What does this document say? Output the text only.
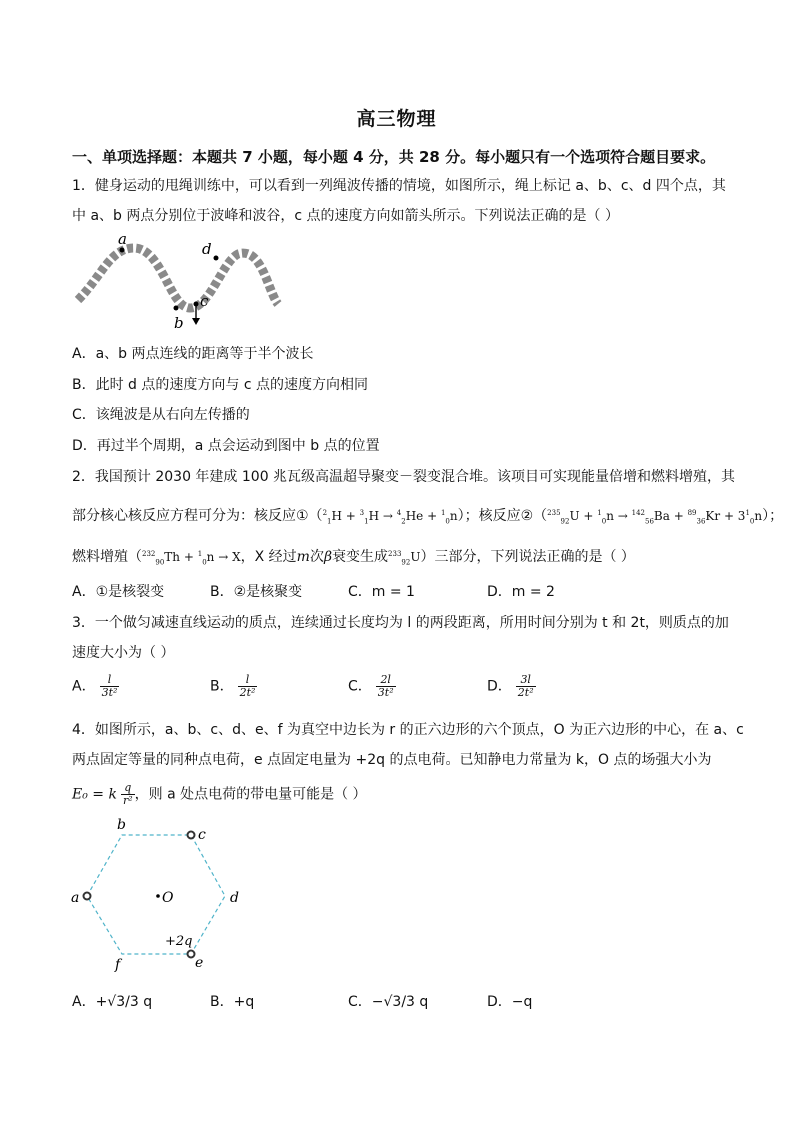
高三物理
一、单项选择题：本题共 7 小题，每小题 4 分，共 28 分。每小题只有一个选项符合题目要求。
1．健身运动的甩绳训练中，可以看到一列绳波传播的情境，如图所示，绳上标记 a、b、c、d 四个点，其
中 a、b 两点分别位于波峰和波谷，c 点的速度方向如箭头所示。下列说法正确的是（ ）
a
b
c
d
A．a、b 两点连线的距离等于半个波长
B．此时 d 点的速度方向与 c 点的速度方向相同
C．该绳波是从右向左传播的
D．再过半个周期，a 点会运动到图中 b 点的位置
2．我国预计 2030 年建成 100 兆瓦级高温超导聚变－裂变混合堆。该项目可实现能量倍增和燃料增殖，其
部分核心核反应方程可分为：核反应①（$^2_1$H + $^3_1$H → $^4_2$He + $^1_0$n）；核反应②（$^{235}_{92}$U + $^1_0n \to ^{142}_{56}Ba + ^{89}_{36}Kr + 3^1_0n$）；
燃料增殖（$^{232}_{90}$Th + $^1_0$n → X，X 经过m次β衰变生成$^{233}_{92}$U）三部分，下列说法正确的是（ ）
A．①是核裂变	B．②是核聚变	C．m = 1	D．m = 2
3．一个做匀减速直线运动的质点，连续通过长度均为 l 的两段距离，所用时间分别为 t 和 2t，则质点的加
速度大小为（ ）
A． $\frac{l}{\text{3t²}}$	B． $\frac{l}{\text{2t²}}$	C． $\frac{2l}{\text{3t²}}$	D． $\frac{3l}{\text{2t²}}$
4．如图所示，a、b、c、d、e、f 为真空中边长为 r 的正六边形的六个顶点，O 为正六边形的中心，在 a、c
两点固定等量的同种点电荷，e 点固定电量为 +2q 的点电荷。已知静电力常量为 k，O 点的场强大小为
E₀ = k $\frac{q}{\text{r²}}$ ，则 a 处点电荷的带电量可能是（ ）
a
b
c
d
e
f
O
+2q
A．+√3/3 q	B．+q	C．−√3/3 q	D．−q
